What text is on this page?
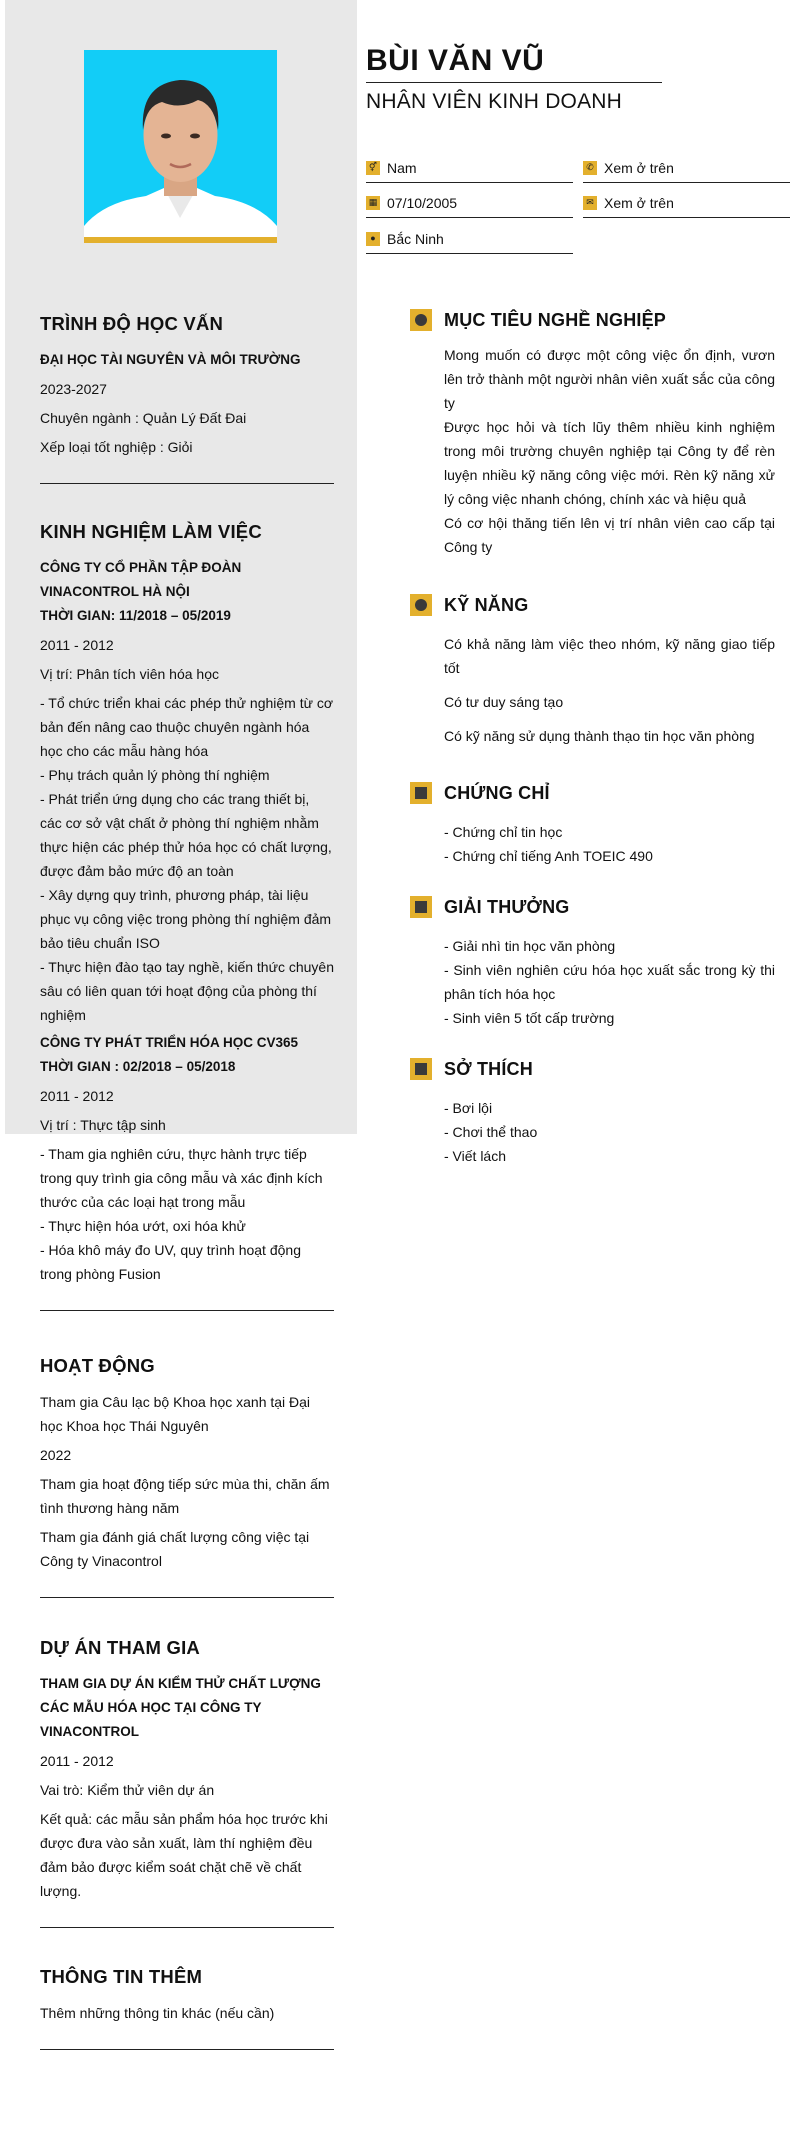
BÙI VĂN VŨ
NHÂN VIÊN KINH DOANH
⚥ Nam	✆ Xem ở trên
▦ 07/10/2005	✉ Xem ở trên
● Bắc Ninh
TRÌNH ĐỘ HỌC VẤN

ĐẠI HỌC TÀI NGUYÊN VÀ MÔI TRƯỜNG

2023-2027

Chuyên ngành : Quản Lý Đất Đai

Xếp loại tốt nghiệp : Giỏi

KINH NGHIỆM LÀM VIỆC

CÔNG TY CỔ PHẦN TẬP ĐOÀN VINACONTROL HÀ NỘI

THỜI GIAN: 11/2018 – 05/2019

2011 - 2012

Vị trí: Phân tích viên hóa học

- Tổ chức triển khai các phép thử nghiệm từ cơ bản đến nâng cao thuộc chuyên ngành hóa học cho các mẫu hàng hóa

- Phụ trách quản lý phòng thí nghiệm

- Phát triển ứng dụng cho các trang thiết bị, các cơ sở vật chất ở phòng thí nghiệm nhằm thực hiện các phép thử hóa học có chất lượng, được đảm bảo mức độ an toàn

- Xây dựng quy trình, phương pháp, tài liệu phục vụ công việc trong phòng thí nghiệm đảm bảo tiêu chuẩn ISO

- Thực hiện đào tạo tay nghề, kiến thức chuyên sâu có liên quan tới hoạt động của phòng thí nghiệm

CÔNG TY PHÁT TRIỂN HÓA HỌC CV365

THỜI GIAN : 02/2018 – 05/2018

2011 - 2012

Vị trí : Thực tập sinh

- Tham gia nghiên cứu, thực hành trực tiếp trong quy trình gia công mẫu và xác định kích thước của các loại hạt trong mẫu

- Thực hiện hóa ướt, oxi hóa khử

- Hóa khô máy đo UV, quy trình hoạt động trong phòng Fusion

HOẠT ĐỘNG

Tham gia Câu lạc bộ Khoa học xanh tại Đại học Khoa học Thái Nguyên

2022

Tham gia hoạt động tiếp sức mùa thi, chăn ấm tình thương hàng năm

Tham gia đánh giá chất lượng công việc tại Công ty Vinacontrol

DỰ ÁN THAM GIA

THAM GIA DỰ ÁN KIỂM THỬ CHẤT LƯỢNG CÁC MẪU HÓA HỌC TẠI CÔNG TY VINACONTROL

2011 - 2012

Vai trò: Kiểm thử viên dự án

Kết quả: các mẫu sản phẩm hóa học trước khi được đưa vào sản xuất, làm thí nghiệm đều đảm bảo được kiểm soát chặt chẽ về chất lượng.

THÔNG TIN THÊM

Thêm những thông tin khác (nếu cần)

MỤC TIÊU NGHỀ NGHIỆP

Mong muốn có được một công việc ổn định, vươn lên trở thành một người nhân viên xuất sắc của công ty

Được học hỏi và tích lũy thêm nhiều kinh nghiệm trong môi trường chuyên nghiệp tại Công ty để rèn luyện nhiều kỹ năng công việc mới. Rèn kỹ năng xử lý công việc nhanh chóng, chính xác và hiệu quả

Có cơ hội thăng tiến lên vị trí nhân viên cao cấp tại Công ty

KỸ NĂNG

Có khả năng làm việc theo nhóm, kỹ năng giao tiếp tốt

Có tư duy sáng tạo

Có kỹ năng sử dụng thành thạo tin học văn phòng

CHỨNG CHỈ

- Chứng chỉ tin học

- Chứng chỉ tiếng Anh TOEIC 490

GIẢI THƯỞNG

- Giải nhì tin học văn phòng

- Sinh viên nghiên cứu hóa học xuất sắc trong kỳ thi phân tích hóa học

- Sinh viên 5 tốt cấp trường

SỞ THÍCH

- Bơi lội

- Chơi thể thao

- Viết lách
